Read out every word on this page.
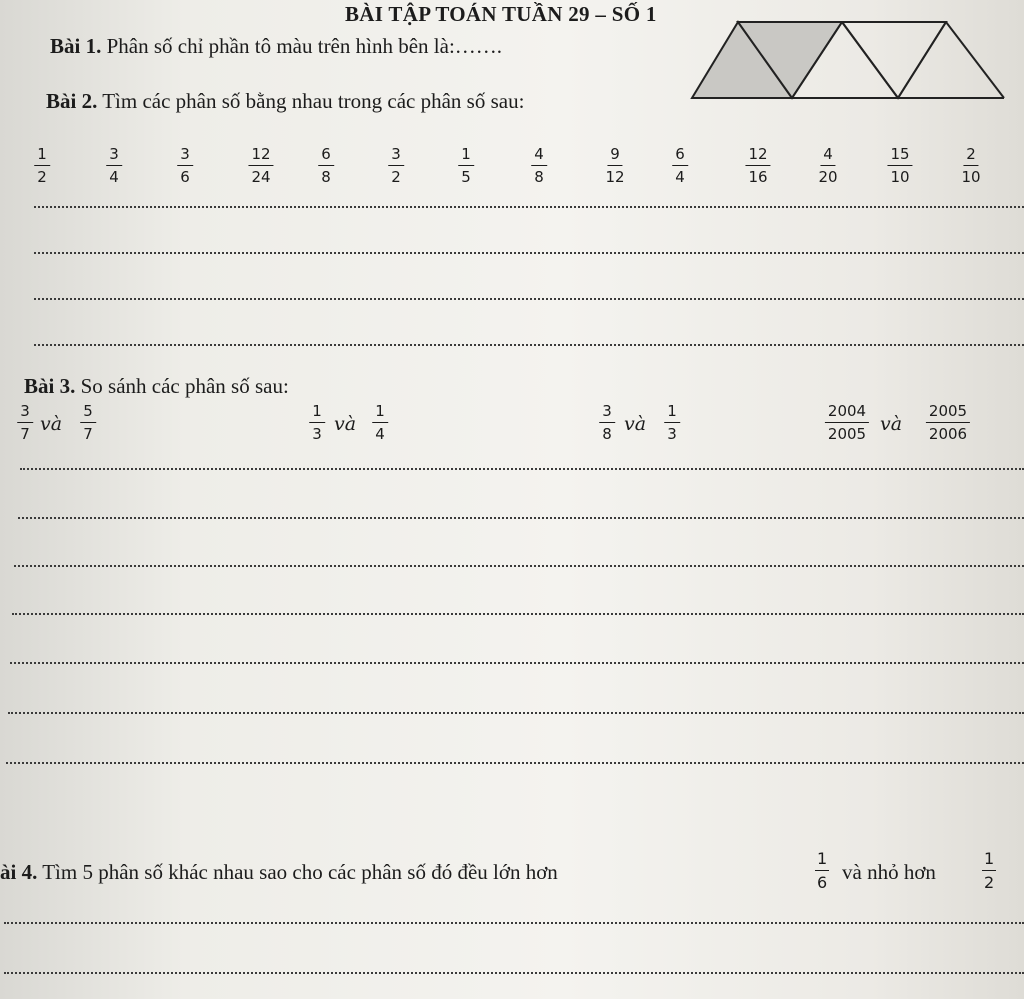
BÀI TẬP TOÁN TUẦN 29 – SỐ 1
Bài 1. Phân số chỉ phần tô màu trên hình bên là:…….
Bài 2. Tìm các phân số bằng nhau trong các phân số sau:
$\frac{1}{2}$	$\frac{3}{4}$	$\frac{3}{6}$	$\frac{12}{24}$	$\frac{6}{8}$	$\frac{3}{2}$	$\frac{1}{5}$	$\frac{4}{8}$	$\frac{9}{12}$	$\frac{6}{4}$	$\frac{12}{16}$	$\frac{4}{20}$	$\frac{15}{10}$	$\frac{2}{10}$
Bài 3. So sánh các phân số sau:
$\frac{3}{7}$ và $\frac{5}{7}$	$\frac{1}{3}$ và $\frac{1}{4}$	$\frac{3}{8}$ và $\frac{1}{3}$	$\frac{2004}{2005}$ và $\frac{2005}{2006}$
ài 4. Tìm 5 phân số khác nhau sao cho các phân số đó đều lớn hơn	$\frac{1}{6}$ và nhỏ hơn	$\frac{1}{2}$
